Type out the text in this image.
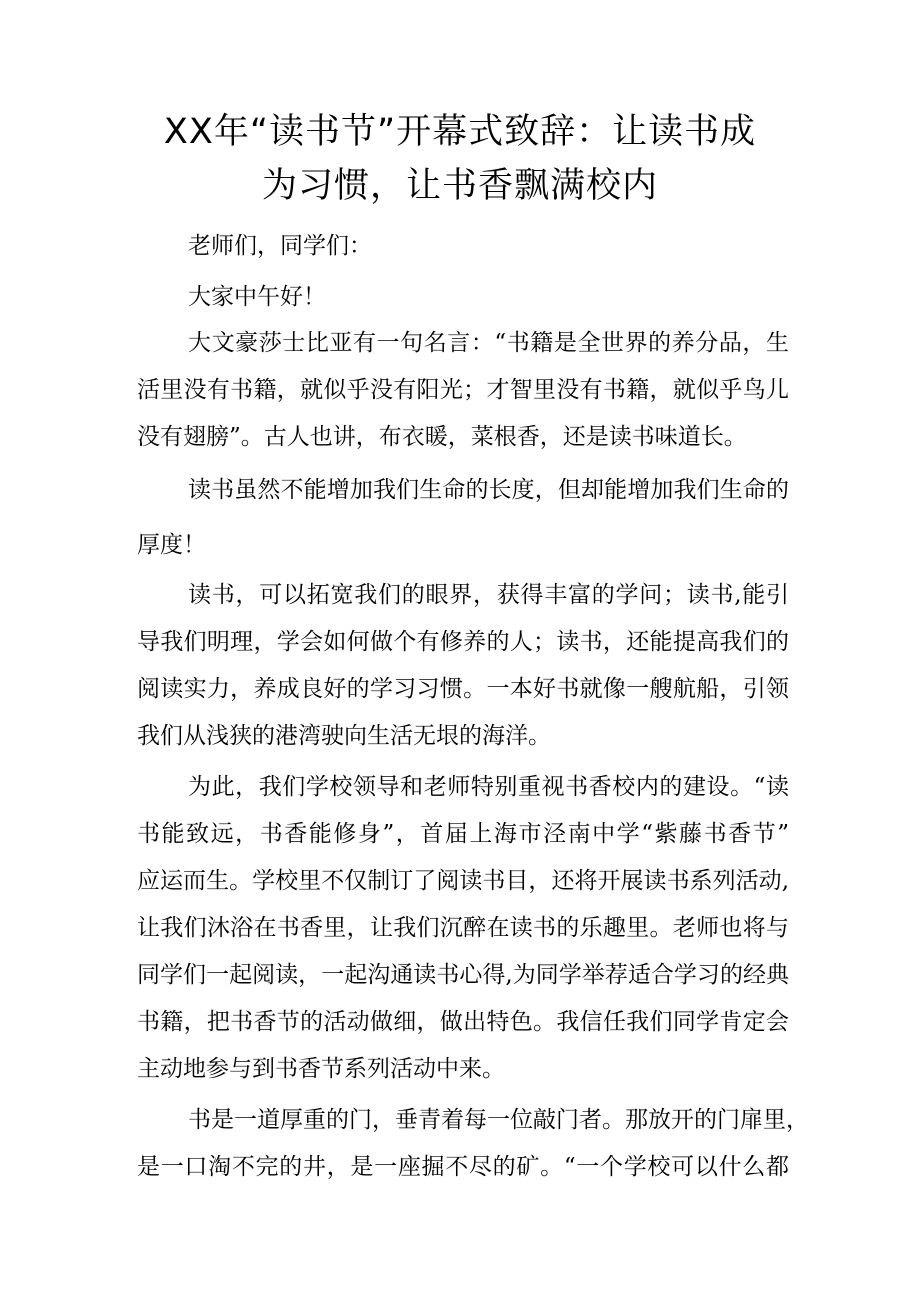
XX年“读书节”开幕式致辞：让读书成
为习惯，让书香飘满校内

老师们，同学们：

大家中午好！

大文豪莎士比亚有一句名言：“书籍是全世界的养分品，生

活里没有书籍，就似乎没有阳光；才智里没有书籍，就似乎鸟儿

没有翅膀”。古人也讲，布衣暖，菜根香，还是读书味道长。

读书虽然不能增加我们生命的长度，但却能增加我们生命的

厚度！

读书，可以拓宽我们的眼界，获得丰富的学问；读书,能引

导我们明理，学会如何做个有修养的人；读书，还能提高我们的

阅读实力，养成良好的学习习惯。一本好书就像一艘航船，引领

我们从浅狭的港湾驶向生活无垠的海洋。

为此，我们学校领导和老师特别重视书香校内的建设。“读

书能致远，书香能修身”，首届上海市泾南中学“紫藤书香节”

应运而生。学校里不仅制订了阅读书目，还将开展读书系列活动,

让我们沐浴在书香里，让我们沉醉在读书的乐趣里。老师也将与

同学们一起阅读，一起沟通读书心得,为同学举荐适合学习的经典

书籍，把书香节的活动做细，做出特色。我信任我们同学肯定会

主动地参与到书香节系列活动中来。

书是一道厚重的门，垂青着每一位敲门者。那放开的门扉里，

是一口淘不完的井，是一座掘不尽的矿。“一个学校可以什么都
